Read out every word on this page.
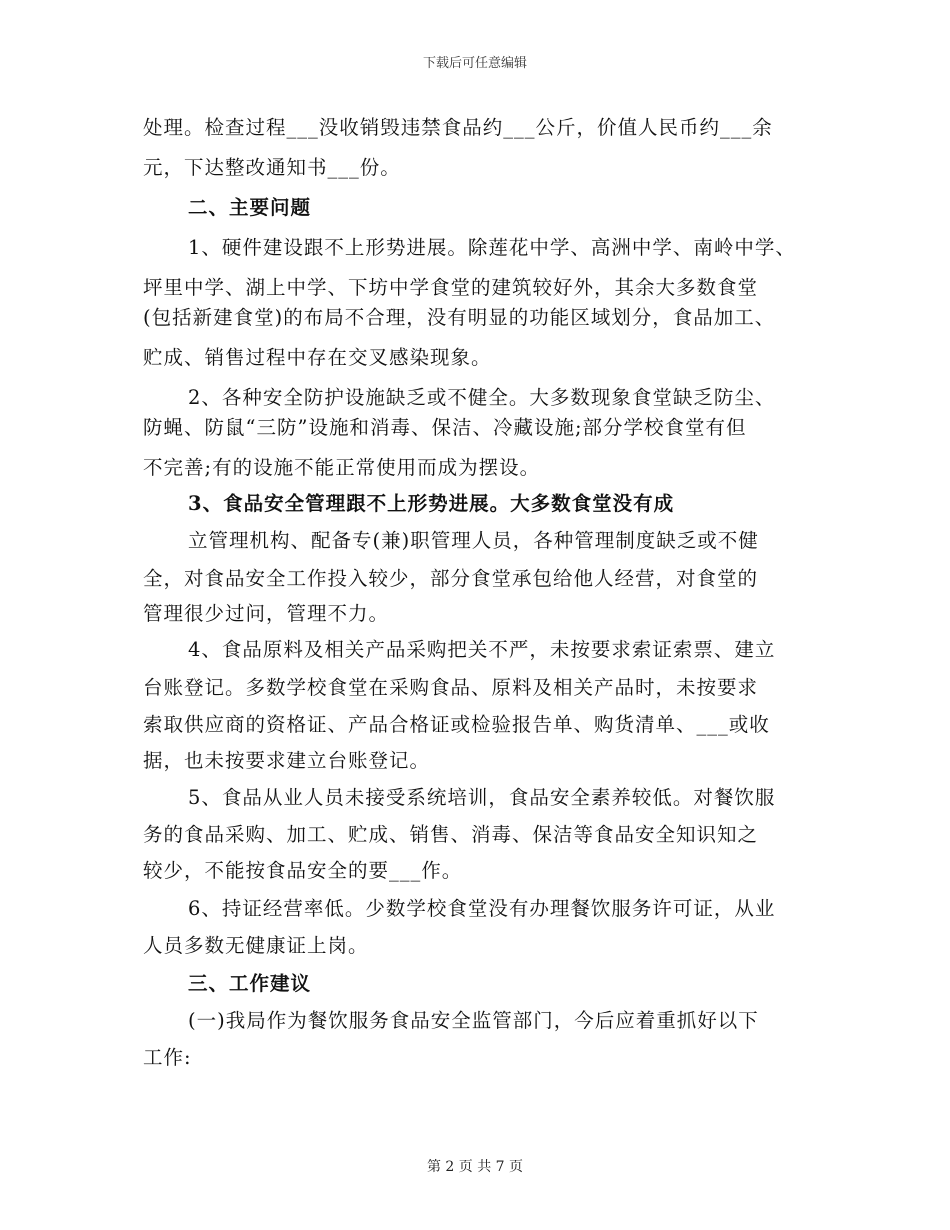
下载后可任意编辑
处理。检查过程___没收销毁违禁食品约___公斤，价值人民币约___余
元，下达整改通知书___份。
二、主要问题
1、硬件建设跟不上形势进展。除莲花中学、高洲中学、南岭中学、
坪里中学、湖上中学、下坊中学食堂的建筑较好外，其余大多数食堂
(包括新建食堂)的布局不合理，没有明显的功能区域划分，食品加工、
贮成、销售过程中存在交叉感染现象。
2、各种安全防护设施缺乏或不健全。大多数现象食堂缺乏防尘、
防蝇、防鼠“三防”设施和消毒、保洁、冷藏设施;部分学校食堂有但
不完善;有的设施不能正常使用而成为摆设。
3、食品安全管理跟不上形势进展。大多数食堂没有成
立管理机构、配备专(兼)职管理人员，各种管理制度缺乏或不健
全，对食品安全工作投入较少，部分食堂承包给他人经营，对食堂的
管理很少过问，管理不力。
4、食品原料及相关产品采购把关不严，未按要求索证索票、建立
台账登记。多数学校食堂在采购食品、原料及相关产品时，未按要求
索取供应商的资格证、产品合格证或检验报告单、购货清单、___或收
据，也未按要求建立台账登记。
5、食品从业人员未接受系统培训，食品安全素养较低。对餐饮服
务的食品采购、加工、贮成、销售、消毒、保洁等食品安全知识知之
较少，不能按食品安全的要___作。
6、持证经营率低。少数学校食堂没有办理餐饮服务许可证，从业
人员多数无健康证上岗。
三、工作建议
(一)我局作为餐饮服务食品安全监管部门，今后应着重抓好以下
工作:
第 2 页 共 7 页
